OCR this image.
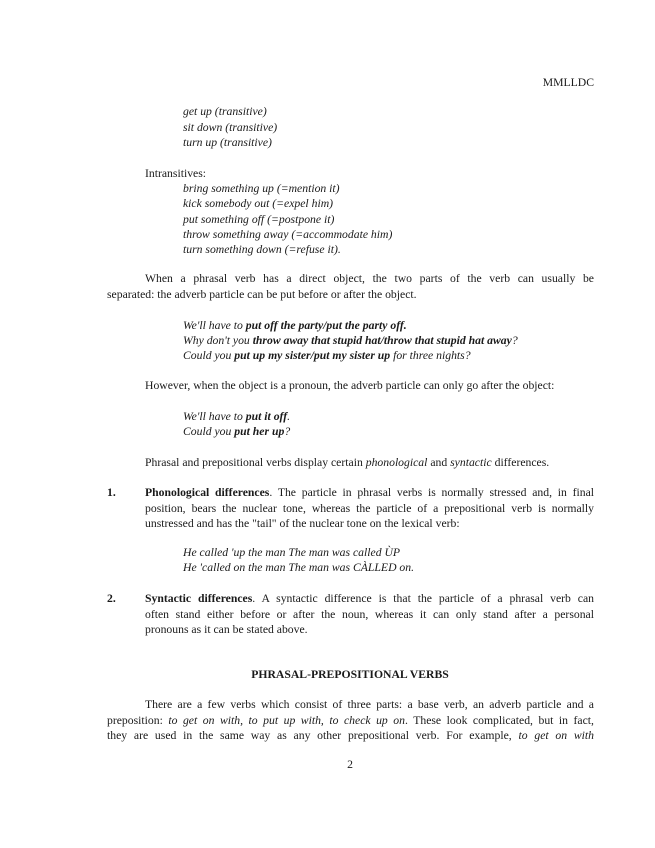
MMLLDC
get up (transitive)
sit down (transitive)
turn up (transitive)
Intransitives:
bring something up (=mention it)
kick somebody out (=expel him)
put something off (=postpone it)
throw something away (=accommodate him)
turn something down (=refuse it).

When a phrasal verb has a direct object, the two parts of the verb can usually be

separated: the adverb particle can be put before or after the object.

We'll have to put off the party/put the party off.
Why don't you throw away that stupid hat/throw that stupid hat away?
Could you put up my sister/put my sister up for three nights?
However, when the object is a pronoun, the adverb particle can only go after the object:
We'll have to put it off.
Could you put her up?
Phrasal and prepositional verbs display certain phonological and syntactic differences.
1. Phonological differences. The particle in phrasal verbs is normally stressed and, in final

position, bears the nuclear tone, whereas the particle of a prepositional verb is normally

unstressed and has the "tail" of the nuclear tone on the lexical verb:

He called 'up the man The man was called ÙP
He 'called on the man The man was CÀLLED on.
2. Syntactic differences. A syntactic difference is that the particle of a phrasal verb can

often stand either before or after the noun, whereas it can only stand after a personal

pronouns as it can be stated above.

PHRASAL-PREPOSITIONAL VERBS

There are a few verbs which consist of three parts: a base verb, an adverb particle and a

preposition: to get on with, to put up with, to check up on. These look complicated, but in fact,

they are used in the same way as any other prepositional verb. For example, to get on with

2
